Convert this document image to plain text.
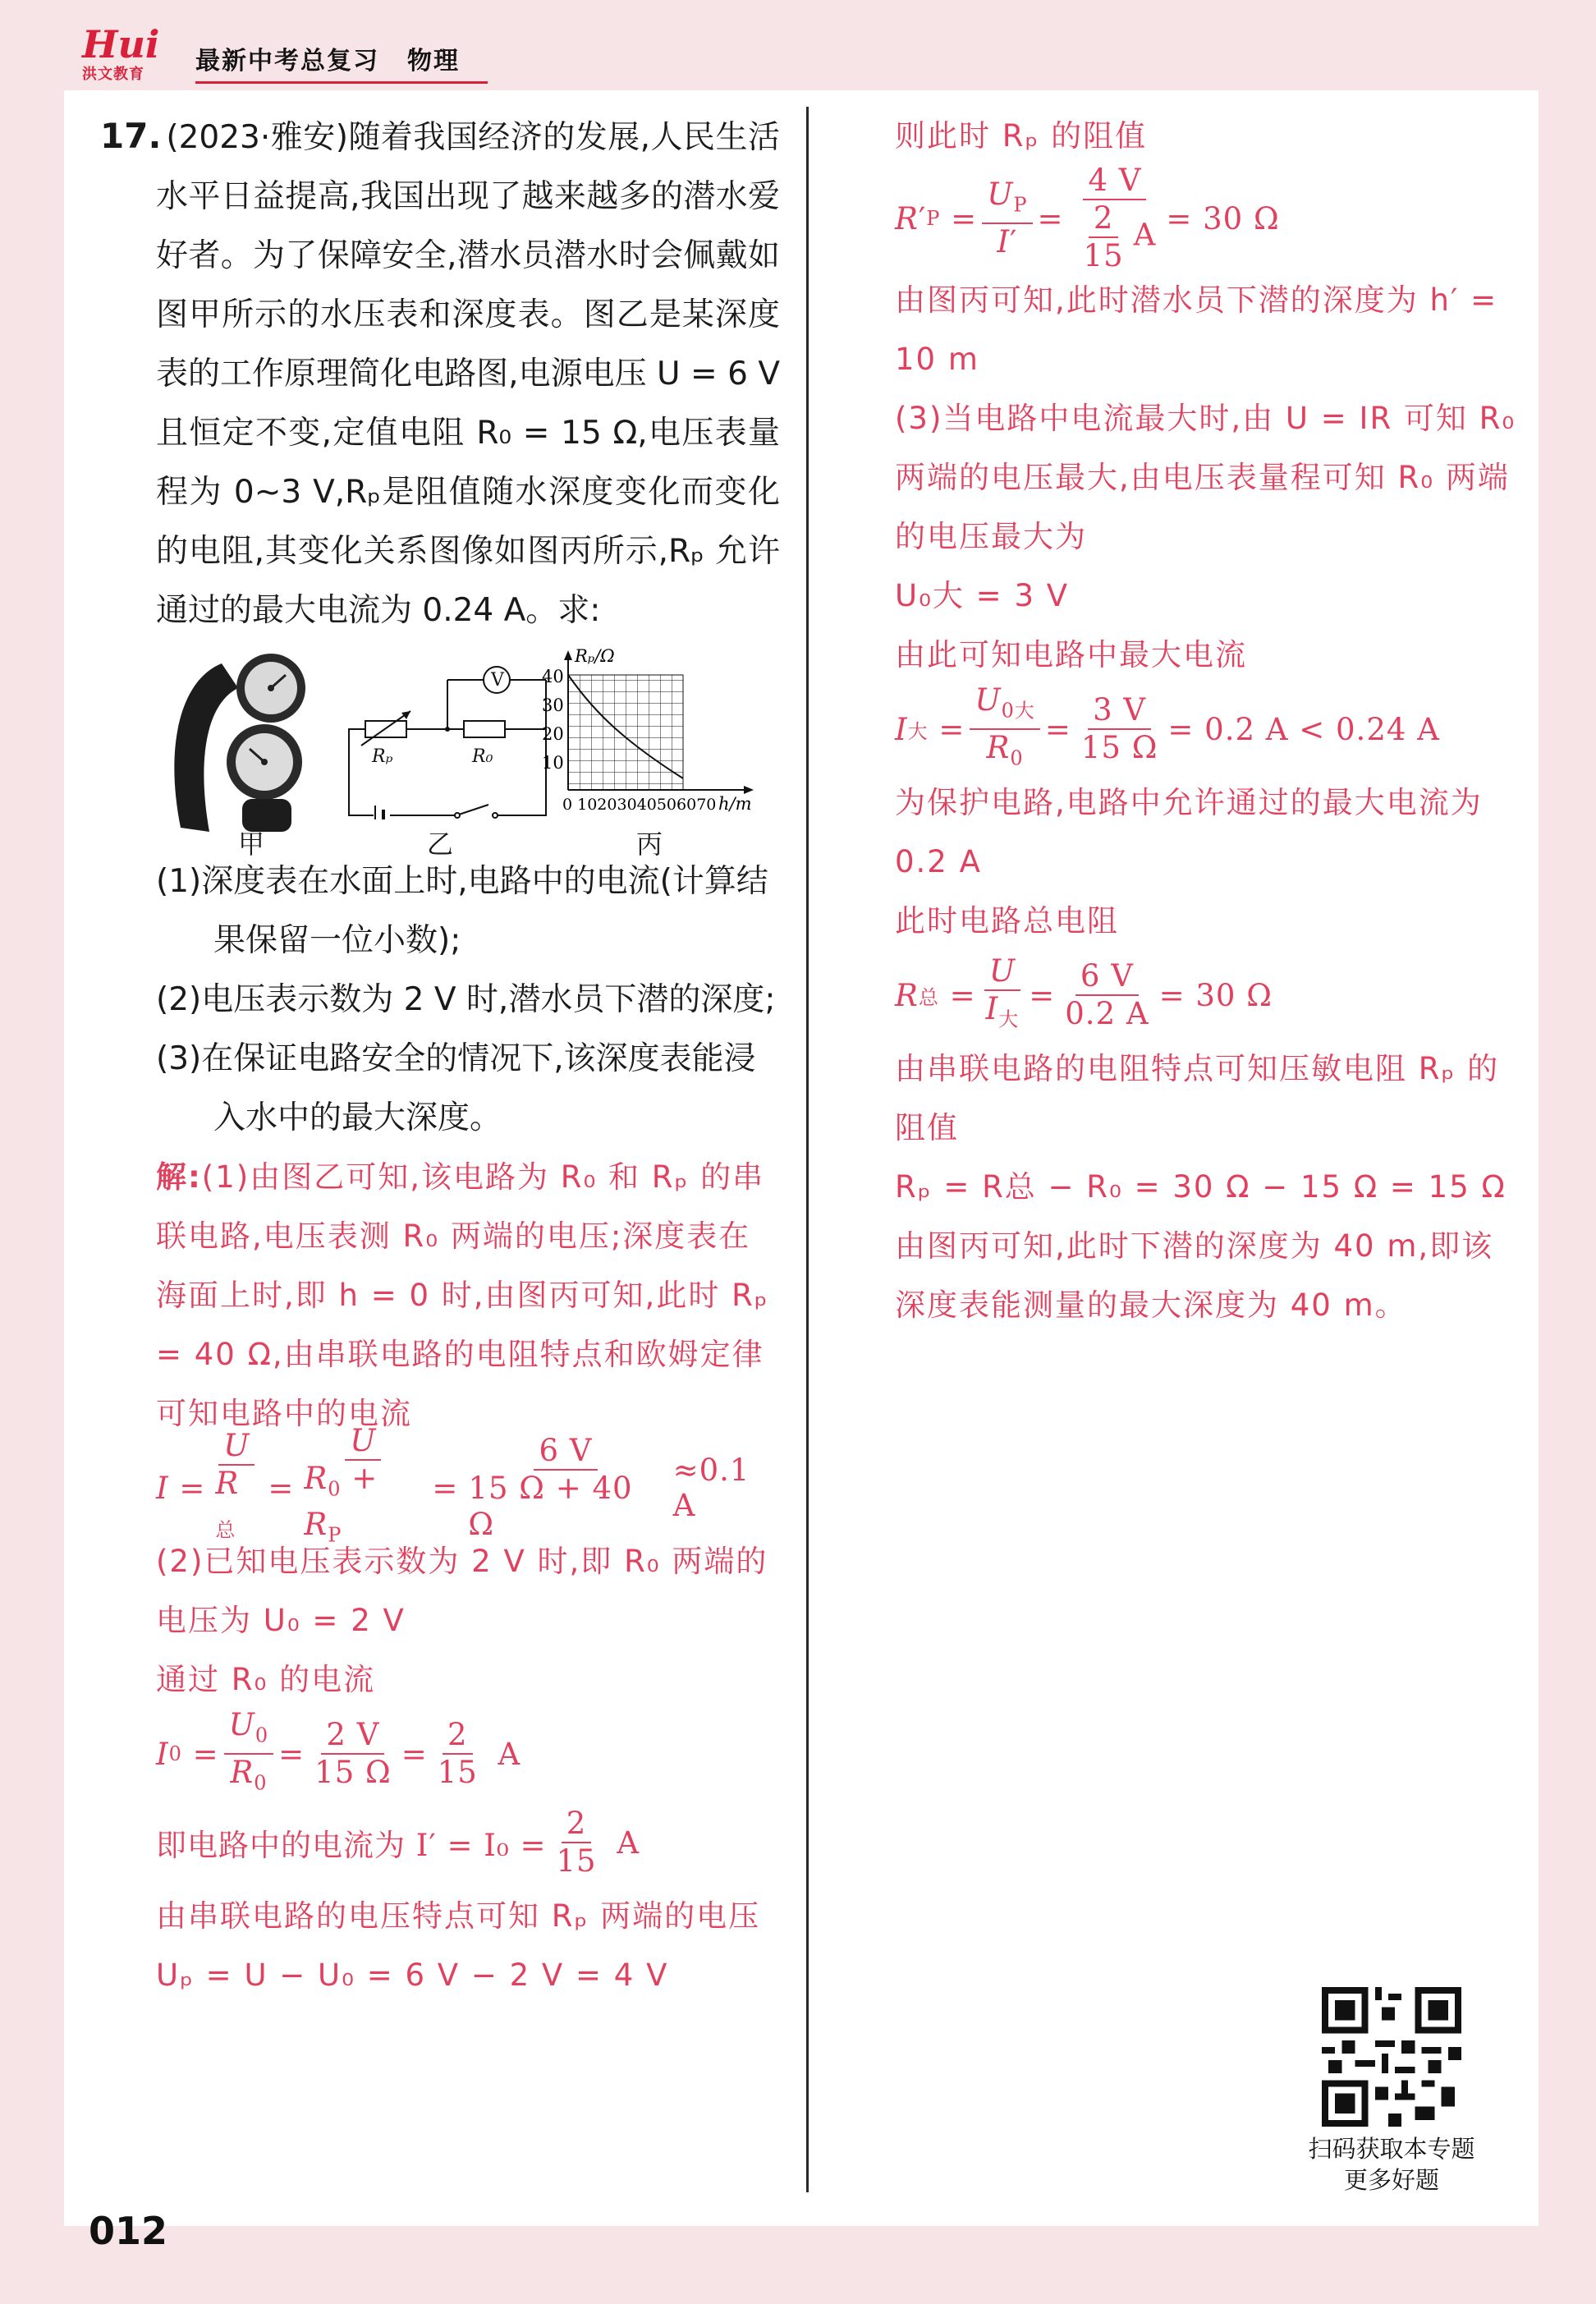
Hui
洪文教育	最新中考总复习 物理
17. (2023·雅安)随着我国经济的发展,人民生活水平日益提高,我国出现了越来越多的潜水爱好者。为了保障安全,潜水员潜水时会佩戴如图甲所示的水压表和深度表。图乙是某深度表的工作原理简化电路图,电源电压 U = 6 V 且恒定不变,定值电阻 R₀ = 15 Ω,电压表量程为 0~3 V,Rₚ是阻值随水深度变化而变化的电阻,其变化关系图像如图丙所示,Rₚ 允许通过的最大电流为 0.24 A。求:
甲
V
Rₚ	R₀
乙
Rₚ/Ω
40
30
20
10
0 10203040506070 h/m
丙
(1)深度表在水面上时,电路中的电流(计算结果保留一位小数);
(2)电压表示数为 2 V 时,潜水员下潜的深度;
(3)在保证电路安全的情况下,该深度表能浸入水中的最大深度。
解:(1)由图乙可知,该电路为 R₀ 和 Rₚ 的串联电路,电压表测 R₀ 两端的电压;深度表在海面上时,即 h = 0 时,由图丙可知,此时 Rₚ = 40 Ω,由串联电路的电阻特点和欧姆定律可知电路中的电流
$I = \frac{U}{R_总} = \frac{U}{R_0 + R_P} = \frac{6 V}{15 \Omega + 40 \Omega} \approx 0.1$ A
(2)已知电压表示数为 2 V 时,即 R₀ 两端的电压为 U₀ = 2 V
通过 R₀ 的电流
I $0 = \frac{U_0}{R_0} = \frac{2 V}{15 \Omega} = \frac{2}{15}$ A
即电路中的电流为 $I' = I_0 = \frac{2}{15}$ A
由串联电路的电压特点可知 Rₚ 两端的电压
Uₚ = U − U₀ = 6 V − 2 V = 4 V
则此时 Rₚ 的阻值
R ′ $P = \frac{U_P}{I'} = \frac{4 V}{\frac{2}{15} A} = 30$ Ω
由图丙可知,此时潜水员下潜的深度为 h′ = 10 m
(3)当电路中电流最大时,由 U = IR 可知 R₀ 两端的电压最大,由电压表量程可知 R₀ 两端的电压最大为
U₀大 = 3 V
由此可知电路中最大电流
I 大 = $\frac{U_{0大}}{R_0} = \frac{3 V}{15 \Omega} = 0.2$ A < 0.24 A
为保护电路,电路中允许通过的最大电流为 0.2 A
此时电路总电阻
R 总 = $\frac{U}{I_大} = \frac{6 V}{0.2 A} = 30$ Ω
由串联电路的电阻特点可知压敏电阻 Rₚ 的阻值
Rₚ = R总 − R₀ = 30 Ω − 15 Ω = 15 Ω
由图丙可知,此时下潜的深度为 40 m,即该深度表能测量的最大深度为 40 m。
扫码获取本专题
更多好题
012
